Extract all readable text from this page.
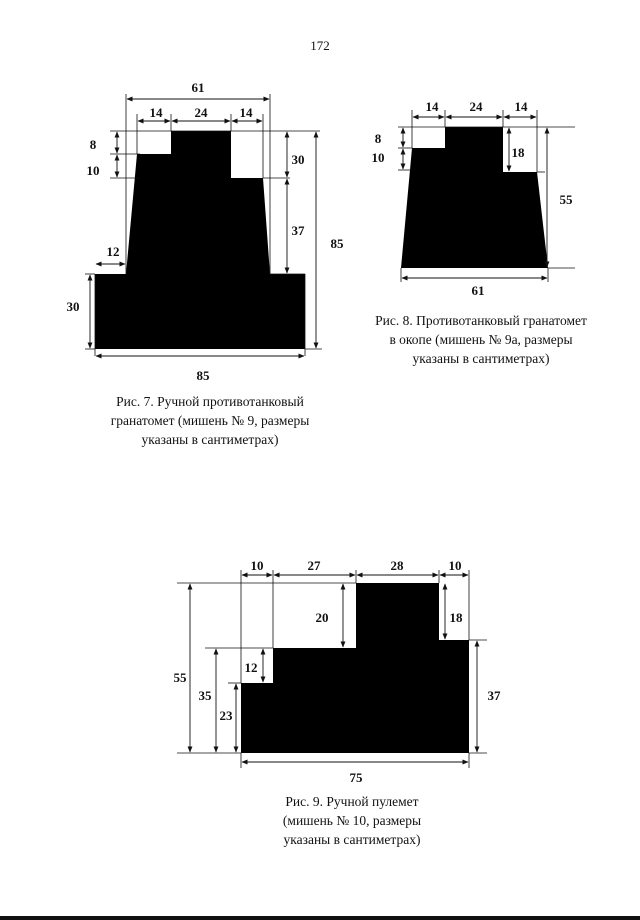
172
61
14 24 14
8
10
30
37
85
12
30
85
14 24 14
8
10	18
55
61
10	27	28	10
20	18
12
55
35
23
37
75
Рис. 7. Ручной противотанковый
гранатомет (мишень № 9, размеры
указаны в сантиметрах)
Рис. 8. Противотанковый гранатомет
в окопе (мишень № 9а, размеры
указаны в сантиметрах)
Рис. 9. Ручной пулемет
(мишень № 10, размеры
указаны в сантиметрах)
